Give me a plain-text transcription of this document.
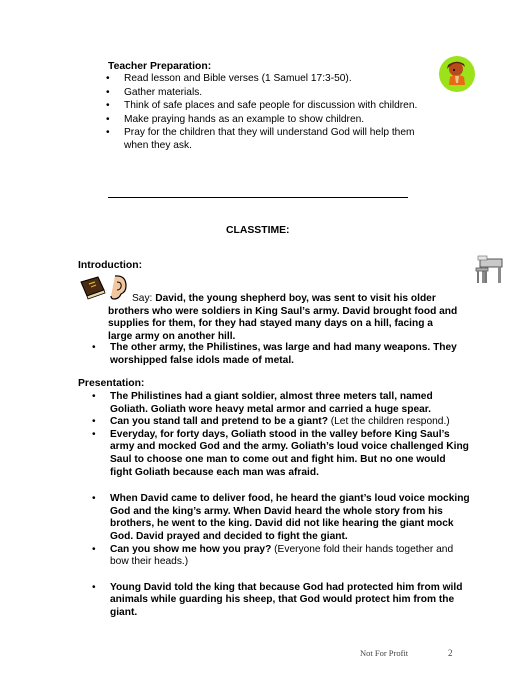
Teacher Preparation:
• Read lesson and Bible verses (1 Samuel 17:3-50).
• Gather materials.
• Think of safe places and safe people for discussion with children.
• Make praying hands as an example to show children.
• Pray for the children that they will understand God will help them when they ask.
CLASSTIME:
Introduction:
Say: David, the young shepherd boy, was sent to visit his older brothers who were soldiers in King Saul’s army. David brought food and supplies for them, for they had stayed many days on a hill, facing a large army on another hill.
• The other army, the Philistines, was large and had many weapons. They worshipped false idols made of metal.
Presentation:
• The Philistines had a giant soldier, almost three meters tall, named Goliath. Goliath wore heavy metal armor and carried a huge spear.
• Can you stand tall and pretend to be a giant? (Let the children respond.)
• Everyday, for forty days, Goliath stood in the valley before King Saul’s army and mocked God and the army. Goliath’s loud voice challenged King Saul to choose one man to come out and fight him. But no one would fight Goliath because each man was afraid.
• When David came to deliver food, he heard the giant’s loud voice mocking God and the king’s army. When David heard the whole story from his brothers, he went to the king. David did not like hearing the giant mock God. David prayed and decided to fight the giant.
• Can you show me how you pray? (Everyone fold their hands together and bow their heads.)
• Young David told the king that because God had protected him from wild animals while guarding his sheep, that God would protect him from the giant.
Not For Profit	2
